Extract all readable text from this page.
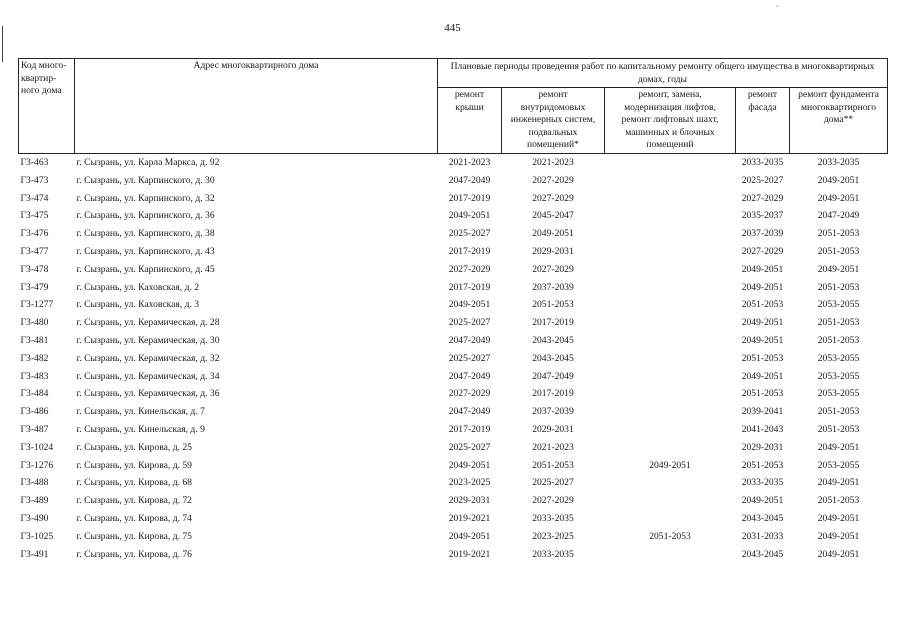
ˇ
445
Код много-
квартир-
ного дома	Адрес многоквартирного дома	Плановые периоды проведения работ по капитальному ремонту общего имущества в многоквартирных домах, годы				
		ремонт
крыши	ремонт
внутридомовых
инженерных систем,
подвальных
помещений*	ремонт, замена,
модернизация лифтов,
ремонт лифтовых шахт,
машинных и блочных
помещений	ремонт
фасада	ремонт фундамента
многоквартирного
дома**
Г3-463	г. Сызрань, ул. Карла Маркса, д. 92	2021-2023	2021-2023		2033-2035	2033-2035
Г3-473	г. Сызрань, ул. Карпинского, д. 30	2047-2049	2027-2029		2025-2027	2049-2051
Г3-474	г. Сызрань, ул. Карпинского, д. 32	2017-2019	2027-2029		2027-2029	2049-2051
Г3-475	г. Сызрань, ул. Карпинского, д. 36	2049-2051	2045-2047		2035-2037	2047-2049
Г3-476	г. Сызрань, ул. Карпинского, д. 38	2025-2027	2049-2051		2037-2039	2051-2053
Г3-477	г. Сызрань, ул. Карпинского, д. 43	2017-2019	2029-2031		2027-2029	2051-2053
Г3-478	г. Сызрань, ул. Карпинского, д. 45	2027-2029	2027-2029		2049-2051	2049-2051
Г3-479	г. Сызрань, ул. Каховская, д. 2	2017-2019	2037-2039		2049-2051	2051-2053
Г3-1277	г. Сызрань, ул. Каховская, д. 3	2049-2051	2051-2053		2051-2053	2053-2055
Г3-480	г. Сызрань, ул. Керамическая, д. 28	2025-2027	2017-2019		2049-2051	2051-2053
Г3-481	г. Сызрань, ул. Керамическая, д. 30	2047-2049	2043-2045		2049-2051	2051-2053
Г3-482	г. Сызрань, ул. Керамическая, д. 32	2025-2027	2043-2045		2051-2053	2053-2055
Г3-483	г. Сызрань, ул. Керамическая, д. 34	2047-2049	2047-2049		2049-2051	2053-2055
Г3-484	г. Сызрань, ул. Керамическая, д. 36	2027-2029	2017-2019		2051-2053	2053-2055
Г3-486	г. Сызрань, ул. Кинельская, д. 7	2047-2049	2037-2039		2039-2041	2051-2053
Г3-487	г. Сызрань, ул. Кинельская, д. 9	2017-2019	2029-2031		2041-2043	2051-2053
Г3-1024	г. Сызрань, ул. Кирова, д. 25	2025-2027	2021-2023		2029-2031	2049-2051
Г3-1276	г. Сызрань, ул. Кирова, д. 59	2049-2051	2051-2053	2049-2051	2051-2053	2053-2055
Г3-488	г. Сызрань, ул. Кирова, д. 68	2023-2025	2025-2027		2033-2035	2049-2051
Г3-489	г. Сызрань, ул. Кирова, д. 72	2029-2031	2027-2029		2049-2051	2051-2053
Г3-490	г. Сызрань, ул. Кирова, д. 74	2019-2021	2033-2035		2043-2045	2049-2051
Г3-1025	г. Сызрань, ул. Кирова, д. 75	2049-2051	2023-2025	2051-2053	2031-2033	2049-2051
Г3-491	г. Сызрань, ул. Кирова, д. 76	2019-2021	2033-2035		2043-2045	2049-2051
